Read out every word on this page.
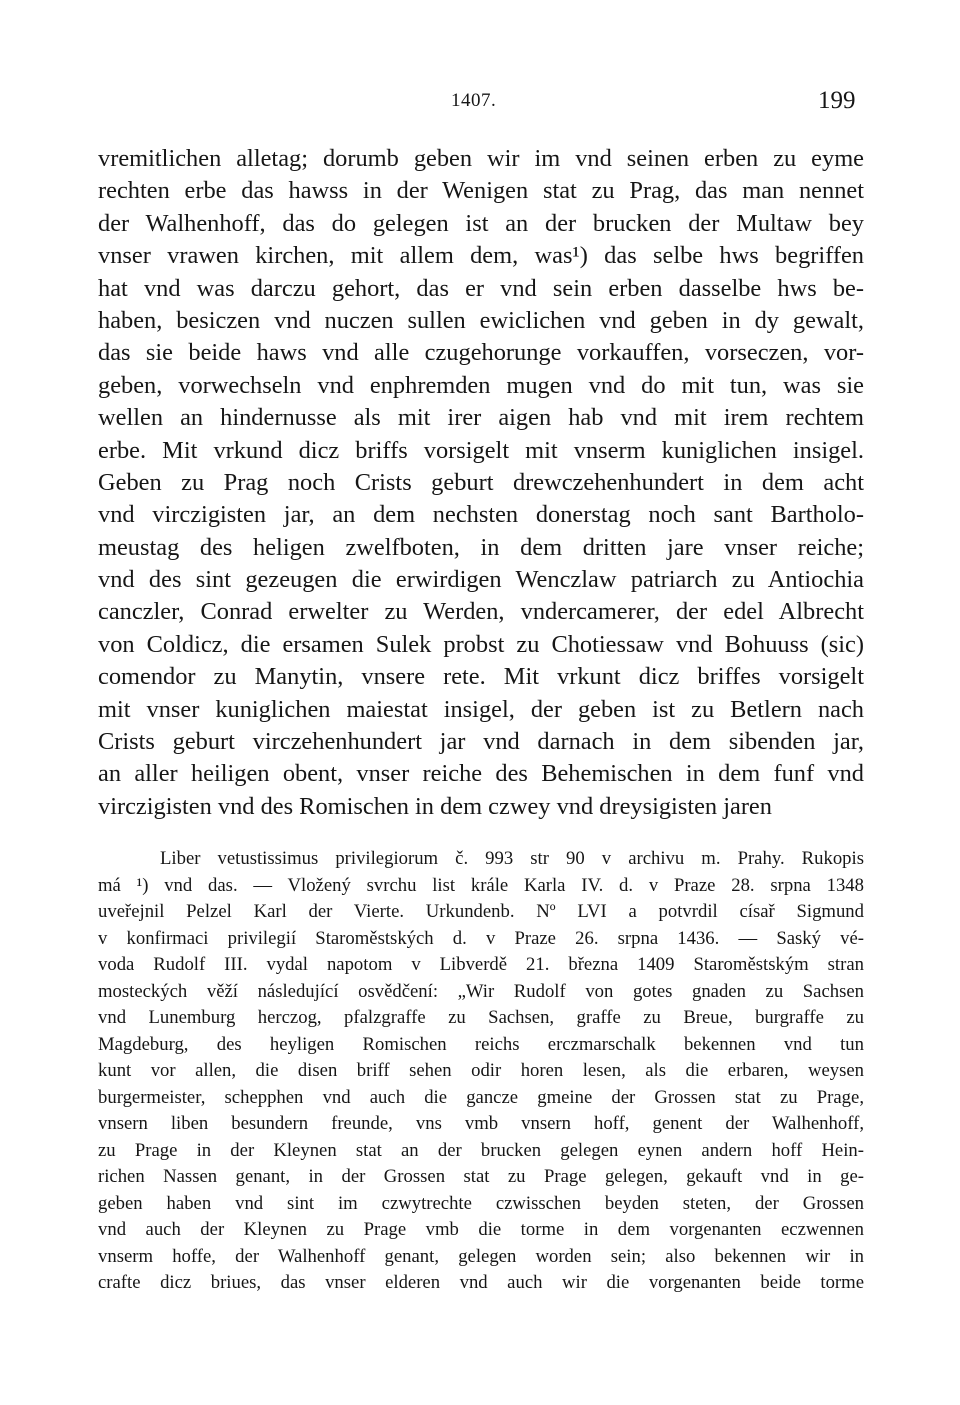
1407.	199
vremitlichen alletag; dorumb geben wir im vnd seinen erben zu eyme
rechten erbe das hawss in der Wenigen stat zu Prag, das man nennet
der Walhenhoff, das do gelegen ist an der brucken der Multaw bey
vnser vrawen kirchen, mit allem dem, was¹) das selbe hws begriffen
hat vnd was darczu gehort, das er vnd sein erben dasselbe hws be-
haben, besiczen vnd nuczen sullen ewiclichen vnd geben in dy gewalt,
das sie beide haws vnd alle czugehorunge vorkauffen, vorseczen, vor-
geben, vorwechseln vnd enphremden mugen vnd do mit tun, was sie
wellen an hindernusse als mit irer aigen hab vnd mit irem rechtem
erbe. Mit vrkund dicz briffs vorsigelt mit vnserm kuniglichen insigel.
Geben zu Prag noch Crists geburt drewczehenhundert in dem acht
vnd virczigisten jar, an dem nechsten donerstag noch sant Bartholo-
meustag des heligen zwelfboten, in dem dritten jare vnser reiche;
vnd des sint gezeugen die erwirdigen Wenczlaw patriarch zu Antiochia
canczler, Conrad erwelter zu Werden, vndercamerer, der edel Albrecht
von Coldicz, die ersamen Sulek probst zu Chotiessaw vnd Bohuuss (sic)
comendor zu Manytin, vnsere rete. Mit vrkunt dicz briffes vorsigelt
mit vnser kuniglichen maiestat insigel, der geben ist zu Betlern nach
Crists geburt virczehenhundert jar vnd darnach in dem sibenden jar,
an aller heiligen obent, vnser reiche des Behemischen in dem funf vnd
virczigisten vnd des Romischen in dem czwey vnd dreysigisten jaren
Liber vetustissimus privilegiorum č. 993 str 90 v archivu m. Prahy. Rukopis
má ¹) vnd das. — Vložený svrchu list krále Karla IV. d. v Praze 28. srpna 1348
uveřejnil Pelzel Karl der Vierte. Urkundenb. Nº LVI a potvrdil císař Sigmund
v konfirmaci privilegií Staroměstských d. v Praze 26. srpna 1436. — Saský vé-
voda Rudolf III. vydal napotom v Libverdě 21. března 1409 Staroměstským stran
mosteckých věží následující osvědčení: „Wir Rudolf von gotes gnaden zu Sachsen
vnd Lunemburg herczog, pfalzgraffe zu Sachsen, graffe zu Breue, burgraffe zu
Magdeburg, des heyligen Romischen reichs erczmarschalk bekennen vnd tun
kunt vor allen, die disen briff sehen odir horen lesen, als die erbaren, weysen
burgermeister, schepphen vnd auch die gancze gmeine der Grossen stat zu Prage,
vnsern liben besundern freunde, vns vmb vnsern hoff, genent der Walhenhoff,
zu Prage in der Kleynen stat an der brucken gelegen eynen andern hoff Hein-
richen Nassen genant, in der Grossen stat zu Prage gelegen, gekauft vnd in ge-
geben haben vnd sint im czwytrechte czwisschen beyden steten, der Grossen
vnd auch der Kleynen zu Prage vmb die torme in dem vorgenanten eczwennen
vnserm hoffe, der Walhenhoff genant, gelegen worden sein; also bekennen wir in
crafte dicz briues, das vnser elderen vnd auch wir die vorgenanten beide torme
